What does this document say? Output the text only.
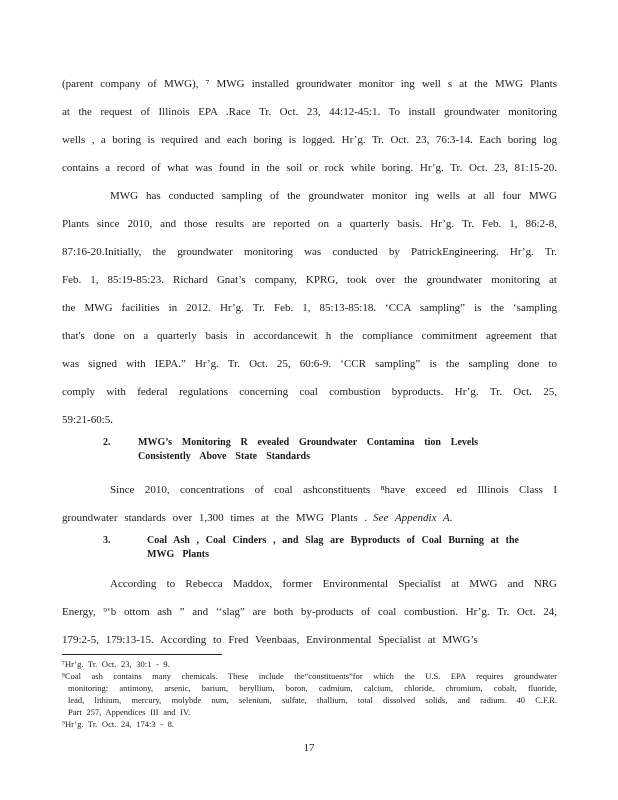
(parent company of MWG), ⁷ MWG installed groundwater monitor ing well s at the MWG Plants
at the request of Illinois EPA .Race Tr. Oct. 23, 44:12-45:1. To install groundwater monitoring
wells , a boring is required and each boring is logged. Hr’g. Tr. Oct. 23, 76:3-14. Each boring log
contains a record of what was found in the soil or rock while boring. Hr’g. Tr. Oct. 23, 81:15-20.
MWG has conducted sampling of the groundwater monitor ing wells at all four MWG
Plants since 2010, and those results are reported on a quarterly basis. Hr’g. Tr. Feb. 1, 86:2-8,
87:16-20.Initially, the groundwater monitoring was conducted by PatrickEngineering. Hr’g. Tr.
Feb. 1, 85:19-85:23. Richard Gnat’s company, KPRG, took over the groundwater monitoring at
the MWG facilities in 2012. Hr’g. Tr. Feb. 1, 85:13-85:18. ‘CCA sampling” is the ‘sampling
that's done on a quarterly basis in accordancewit h the compliance commitment agreement that
was signed with IEPA.” Hr’g. Tr. Oct. 25, 60:6-9. ‘CCR sampling” is the sampling done to
comply with federal regulations concerning coal combustion byproducts. Hr’g. Tr. Oct. 25,
59:21-60:5.
2.	MWG’s Monitoring R evealed Groundwater Contamina tion Levels
Consistently Above State Standards
Since 2010, concentrations of coal ashconstituents ⁸have exceed ed Illinois Class I
groundwater standards over 1,300 times at the MWG Plants . See Appendix A.
3.	Coal Ash , Coal Cinders , and Slag are Byproducts of Coal Burning at the
MWG Plants
According to Rebecca Maddox, former Environmental Specialist at MWG and NRG
Energy, ⁹‘b ottom ash ” and ‘‘slag” are both by-products of coal combustion. Hr’g. Tr. Oct. 24,
179:2-5, 179:13-15. According to Fred Veenbaas, Environmental Specialist at MWG’s
⁷Hr’g. Tr. Oct. 23, 30:1 - 9.
⁸Coal ash contains many chemicals. These include the“constituents”for which the U.S. EPA requires groundwater
monitoring: antimony, arsenic, barium, beryllium, boron, cadmium, calcium, chloride, chromium, cobalt, fluoride,
lead, lithium, mercury, molybde num, selenium, sulfate, thallium, total dissolved solids, and radium. 40 C.F.R.
Part 257, Appendices III and IV.
⁹Hr’g. Tr. Oct. 24, 174:3 - 8.
17
